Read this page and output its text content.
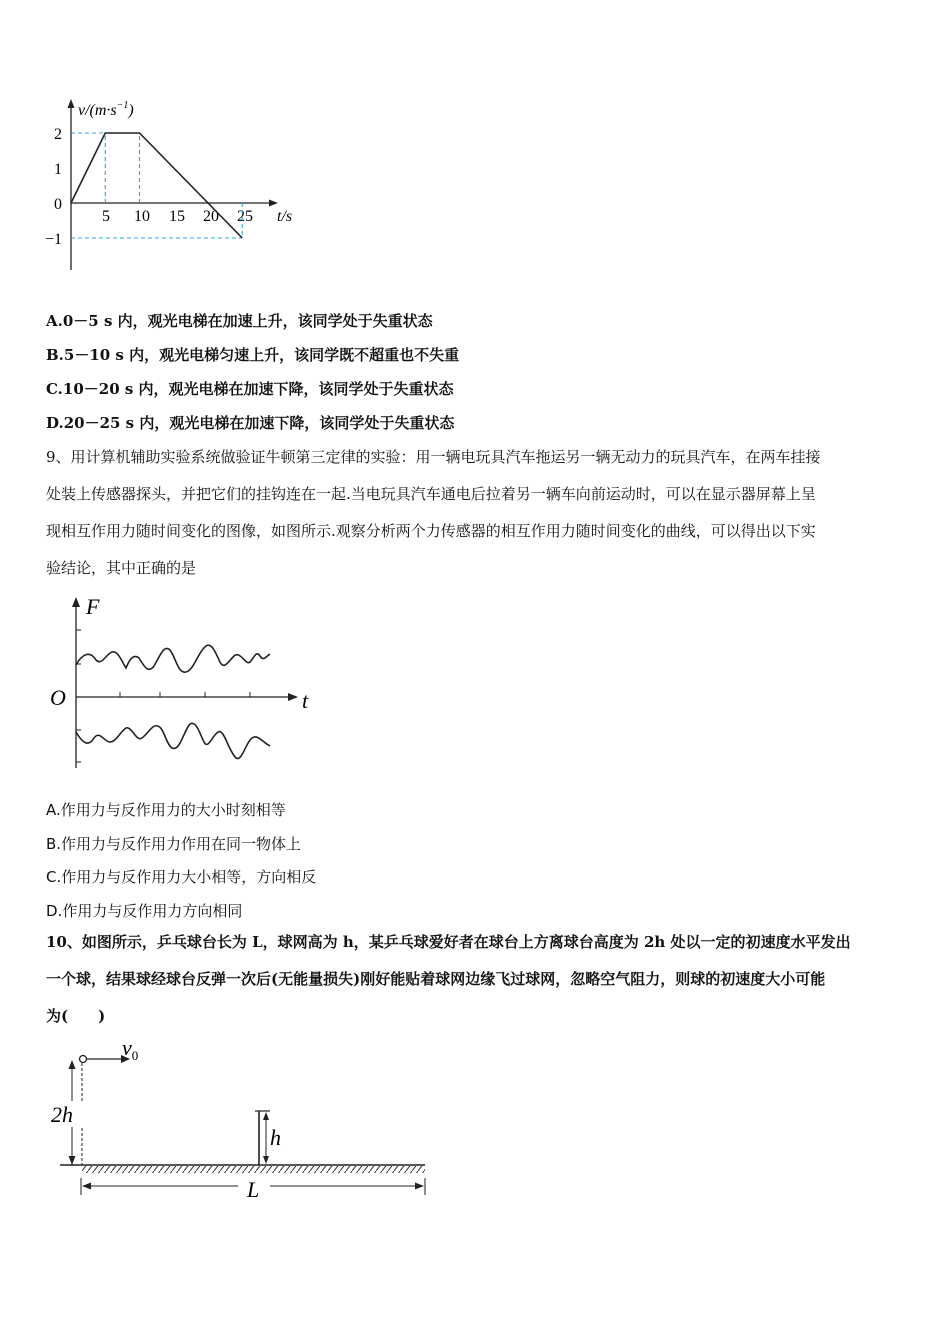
$v/(m\cdot s^{-1})$
t/s
2
1
0
−1
5 10 15 20 25
A.0－5 s 内，观光电梯在加速上升，该同学处于失重状态
B.5－10 s 内，观光电梯匀速上升，该同学既不超重也不失重
C.10－20 s 内，观光电梯在加速下降，该同学处于失重状态
D.20－25 s 内，观光电梯在加速下降，该同学处于失重状态

9、用计算机辅助实验系统做验证牛顿第三定律的实验：用一辆电玩具汽车拖运另一辆无动力的玩具汽车，在两车挂接

处装上传感器探头，并把它们的挂钩连在一起.当电玩具汽车通电后拉着另一辆车向前运动时，可以在显示器屏幕上呈

现相互作用力随时间变化的图像，如图所示.观察分析两个力传感器的相互作用力随时间变化的曲线，可以得出以下实

验结论，其中正确的是

F
t
O
A.作用力与反作用力的大小时刻相等
B.作用力与反作用力作用在同一物体上
C.作用力与反作用力大小相等，方向相反
D.作用力与反作用力方向相同

10、如图所示，乒乓球台长为 L，球网高为 h，某乒乓球爱好者在球台上方离球台高度为 2h 处以一定的初速度水平发出

一个球，结果球经球台反弹一次后(无能量损失)刚好能贴着球网边缘飞过球网，忽略空气阻力，则球的初速度大小可能

为(　　)

$v_0$
2h
h
L
